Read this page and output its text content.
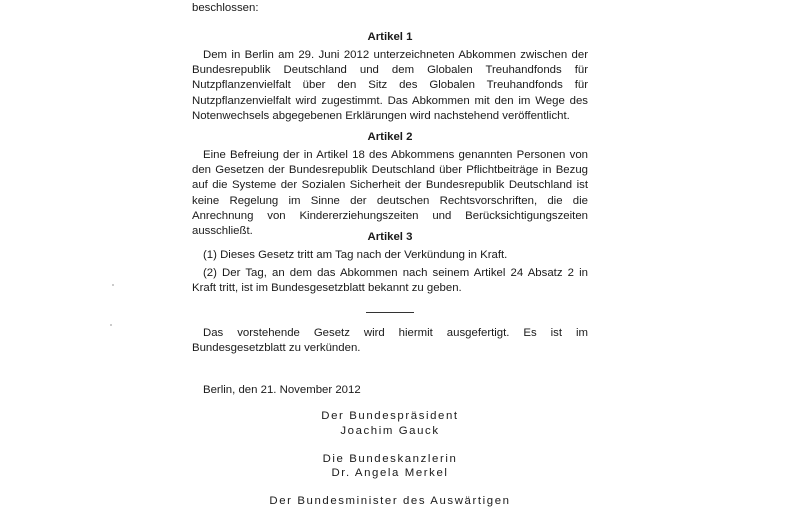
beschlossen:

Artikel 1

Dem in Berlin am 29. Juni 2012 unterzeichneten Abkommen zwischen der Bundesrepublik Deutschland und dem Globalen Treuhandfonds für Nutzpflanzenvielfalt über den Sitz des Globalen Treuhandfonds für Nutzpflanzenvielfalt wird zugestimmt. Das Abkommen mit den im Wege des Notenwechsels abgegebenen Erklärungen wird nachstehend veröffentlicht.

Artikel 2

Eine Befreiung der in Artikel 18 des Abkommens genannten Personen von den Gesetzen der Bundesrepublik Deutschland über Pflichtbeiträge in Bezug auf die Systeme der Sozialen Sicherheit der Bundesrepublik Deutschland ist keine Regelung im Sinne der deutschen Rechtsvorschriften, die die Anrechnung von Kindererziehungszeiten und Berücksichtigungszeiten ausschließt.	Artikel 3

(1) Dieses Gesetz tritt am Tag nach der Verkündung in Kraft.

(2) Der Tag, an dem das Abkommen nach seinem Artikel 24 Absatz 2 in Kraft tritt, ist im Bundesgesetzblatt bekannt zu geben.

Das vorstehende Gesetz wird hiermit ausgefertigt. Es ist im Bundesgesetzblatt zu verkünden.

Berlin, den 21. November 2012

Der Bundespräsident
Joachim Gauck
Die Bundeskanzlerin
Dr. Angela Merkel
Der Bundesminister des Auswärtigen
